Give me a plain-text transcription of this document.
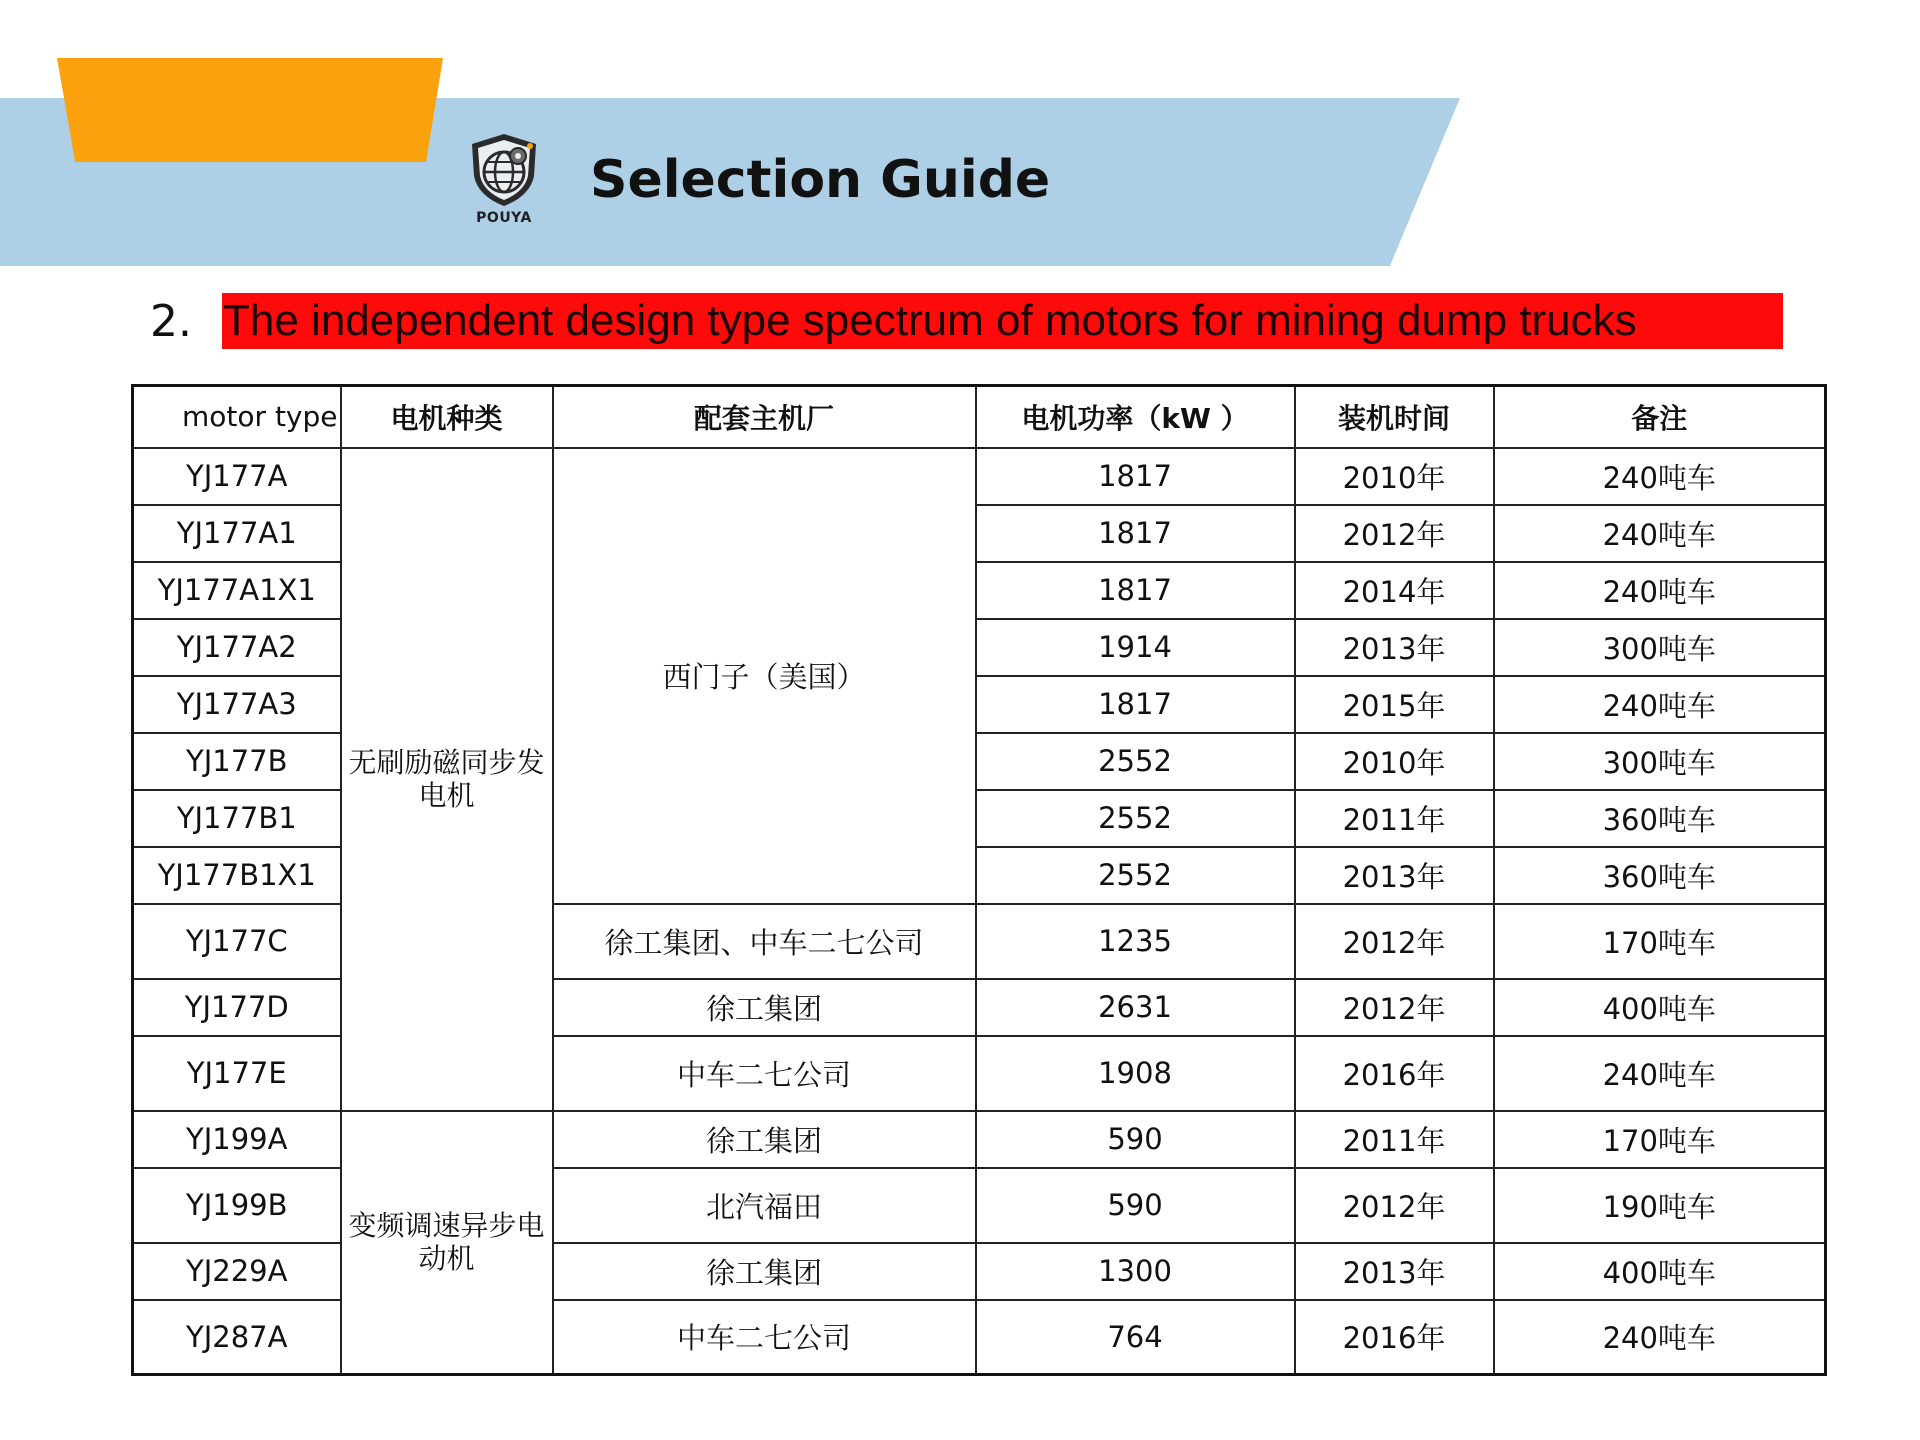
POUYA
Selection Guide
2. The independent design type spectrum of motors for mining dump trucks
motor type	电机种类	配套主机厂	电机功率（kW ）	装机时间	备注
YJ177A	无刷励磁同步发电机	西门子（美国）	1817	2010年	240吨车
YJ177A1			1817	2012年	240吨车
YJ177A1X1			1817	2014年	240吨车
YJ177A2			1914	2013年	300吨车
YJ177A3			1817	2015年	240吨车
YJ177B			2552	2010年	300吨车
YJ177B1			2552	2011年	360吨车
YJ177B1X1			2552	2013年	360吨车
YJ177C		徐工集团、中车二七公司	1235	2012年	170吨车
YJ177D		徐工集团	2631	2012年	400吨车
YJ177E		中车二七公司	1908	2016年	240吨车
YJ199A	变频调速异步电动机	徐工集团	590	2011年	170吨车
YJ199B		北汽福田	590	2012年	190吨车
YJ229A		徐工集团	1300	2013年	400吨车
YJ287A		中车二七公司	764	2016年	240吨车
